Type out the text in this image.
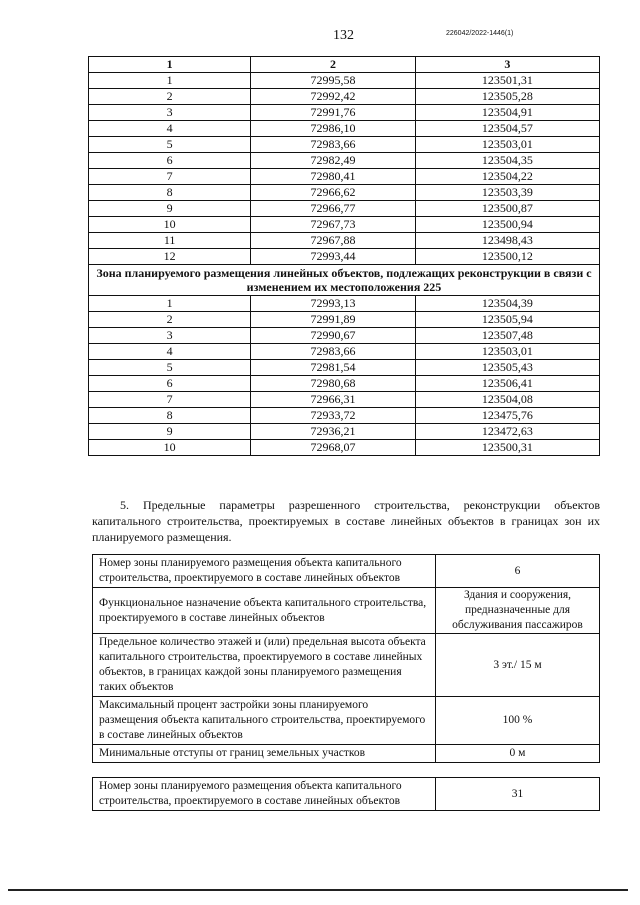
132	226042/2022-1446(1)
1	2	3
1	72995,58	123501,31
2	72992,42	123505,28
3	72991,76	123504,91
4	72986,10	123504,57
5	72983,66	123503,01
6	72982,49	123504,35
7	72980,41	123504,22
8	72966,62	123503,39
9	72966,77	123500,87
10	72967,73	123500,94
11	72967,88	123498,43
12	72993,44	123500,12
Зона планируемого размещения линейных объектов, подлежащих реконструкции в связи с изменением их местоположения 225		
1	72993,13	123504,39
2	72991,89	123505,94
3	72990,67	123507,48
4	72983,66	123503,01
5	72981,54	123505,43
6	72980,68	123506,41
7	72966,31	123504,08
8	72933,72	123475,76
9	72936,21	123472,63
10	72968,07	123500,31

5. Предельные параметры разрешенного строительства, реконструкции объектов капитального строительства, проектируемых в составе линейных объектов в границах зон их планируемого размещения.

Номер зоны планируемого размещения объекта капитального строительства, проектируемого в составе линейных объектов	6
Функциональное назначение объекта капитального строительства, проектируемого в составе линейных объектов	Здания и сооружения, предназначенные для обслуживания пассажиров
Предельное количество этажей и (или) предельная высота объекта капитального строительства, проектируемого в составе линейных объектов, в границах каждой зоны планируемого размещения таких объектов	3 эт./ 15 м
Максимальный процент застройки зоны планируемого размещения объекта капитального строительства, проектируемого в составе линейных объектов	100 %
Минимальные отступы от границ земельных участков	0 м
Номер зоны планируемого размещения объекта капитального строительства, проектируемого в составе линейных объектов	31
